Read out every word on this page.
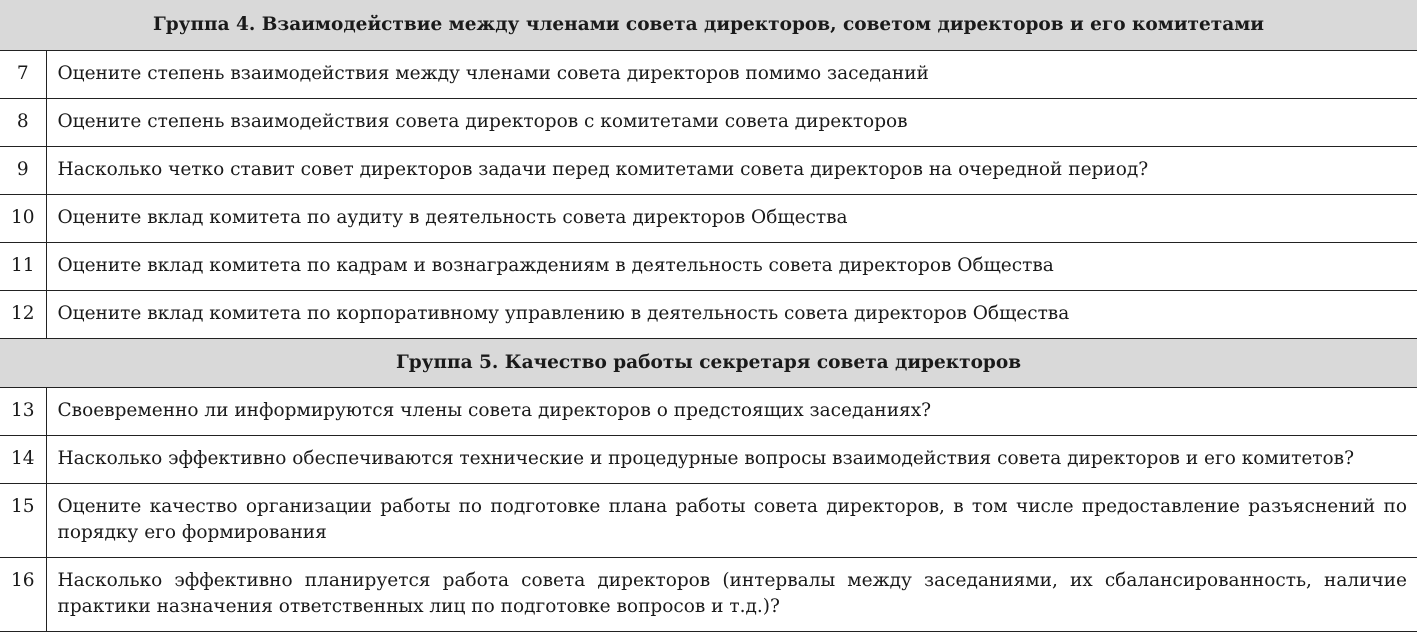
Группа 4. Взаимодействие между членами совета директоров, советом директоров и его комитетами	
7	Оцените степень взаимодействия между членами совета директоров помимо заседаний
8	Оцените степень взаимодействия совета директоров с комитетами совета директоров
9	Насколько четко ставит совет директоров задачи перед комитетами совета директоров на очередной период?
10	Оцените вклад комитета по аудиту в деятельность совета директоров Общества
11	Оцените вклад комитета по кадрам и вознаграждениям в деятельность совета директоров Общества
12	Оцените вклад комитета по корпоративному управлению в деятельность совета директоров Общества
Группа 5. Качество работы секретаря совета директоров	
13	Своевременно ли информируются члены совета директоров о предстоящих заседаниях?
14	Насколько эффективно обеспечиваются технические и процедурные вопросы взаимодействия совета директоров и его комитетов?
15	Оцените качество организации работы по подготовке плана работы совета директоров, в том числе предоставление разъяснений по порядку его формирования
16	Насколько эффективно планируется работа совета директоров (интервалы между заседаниями, их сбалансированность, наличие практики назначения ответственных лиц по подготовке вопросов и т.д.)?
